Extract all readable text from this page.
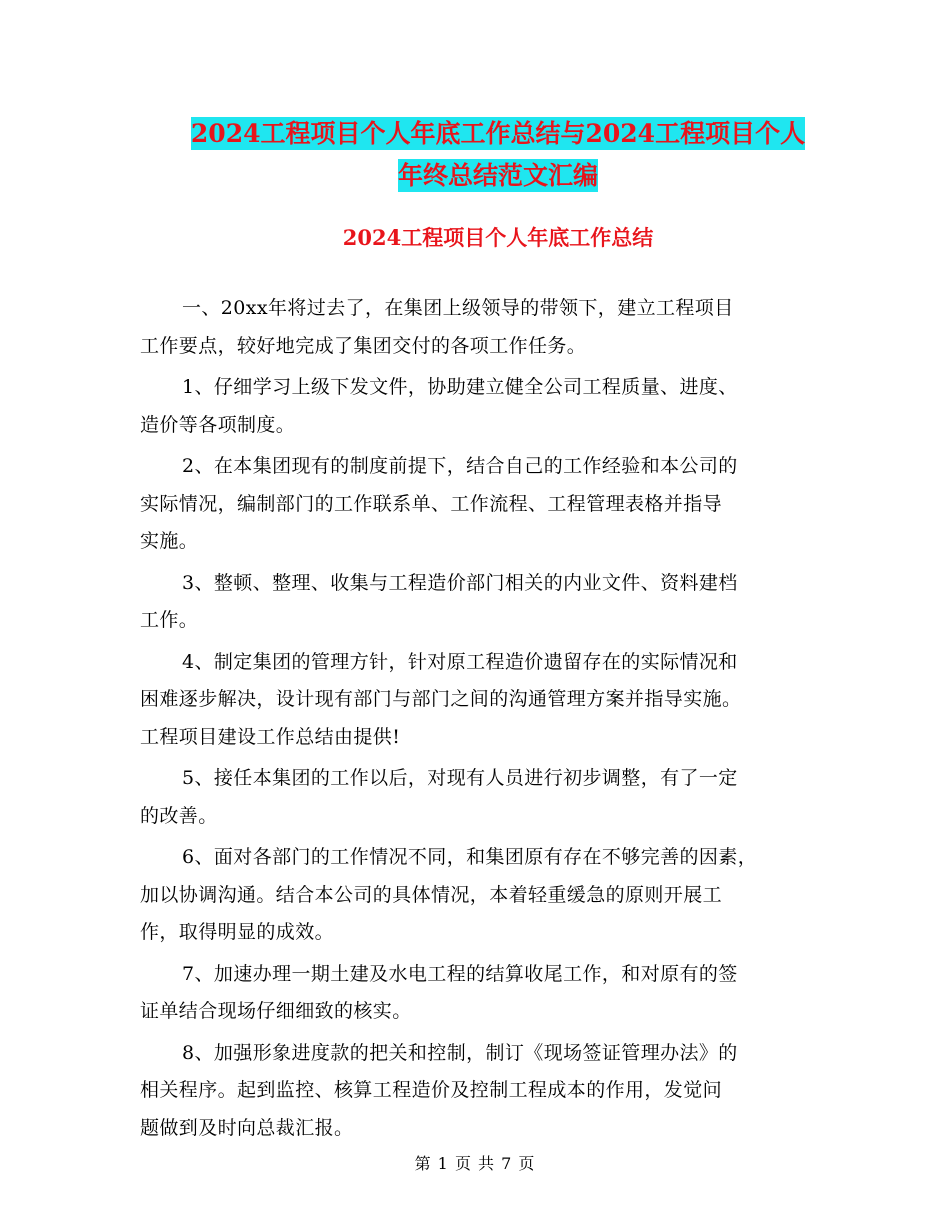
2024工程项目个人年底工作总结与2024工程项目个人
年终总结范文汇编
2024工程项目个人年底工作总结
一、20xx年将过去了，在集团上级领导的带领下，建立工程项目
工作要点，较好地完成了集团交付的各项工作任务。
1、仔细学习上级下发文件，协助建立健全公司工程质量、进度、
造价等各项制度。
2、在本集团现有的制度前提下，结合自己的工作经验和本公司的
实际情况，编制部门的工作联系单、工作流程、工程管理表格并指导
实施。
3、整顿、整理、收集与工程造价部门相关的内业文件、资料建档
工作。
4、制定集团的管理方针，针对原工程造价遗留存在的实际情况和
困难逐步解决，设计现有部门与部门之间的沟通管理方案并指导实施。
工程项目建设工作总结由提供!
5、接任本集团的工作以后，对现有人员进行初步调整，有了一定
的改善。
6、面对各部门的工作情况不同，和集团原有存在不够完善的因素，
加以协调沟通。结合本公司的具体情况，本着轻重缓急的原则开展工
作，取得明显的成效。
7、加速办理一期土建及水电工程的结算收尾工作，和对原有的签
证单结合现场仔细细致的核实。
8、加强形象进度款的把关和控制，制订《现场签证管理办法》的
相关程序。起到监控、核算工程造价及控制工程成本的作用，发觉问
题做到及时向总裁汇报。
第 1 页 共 7 页
